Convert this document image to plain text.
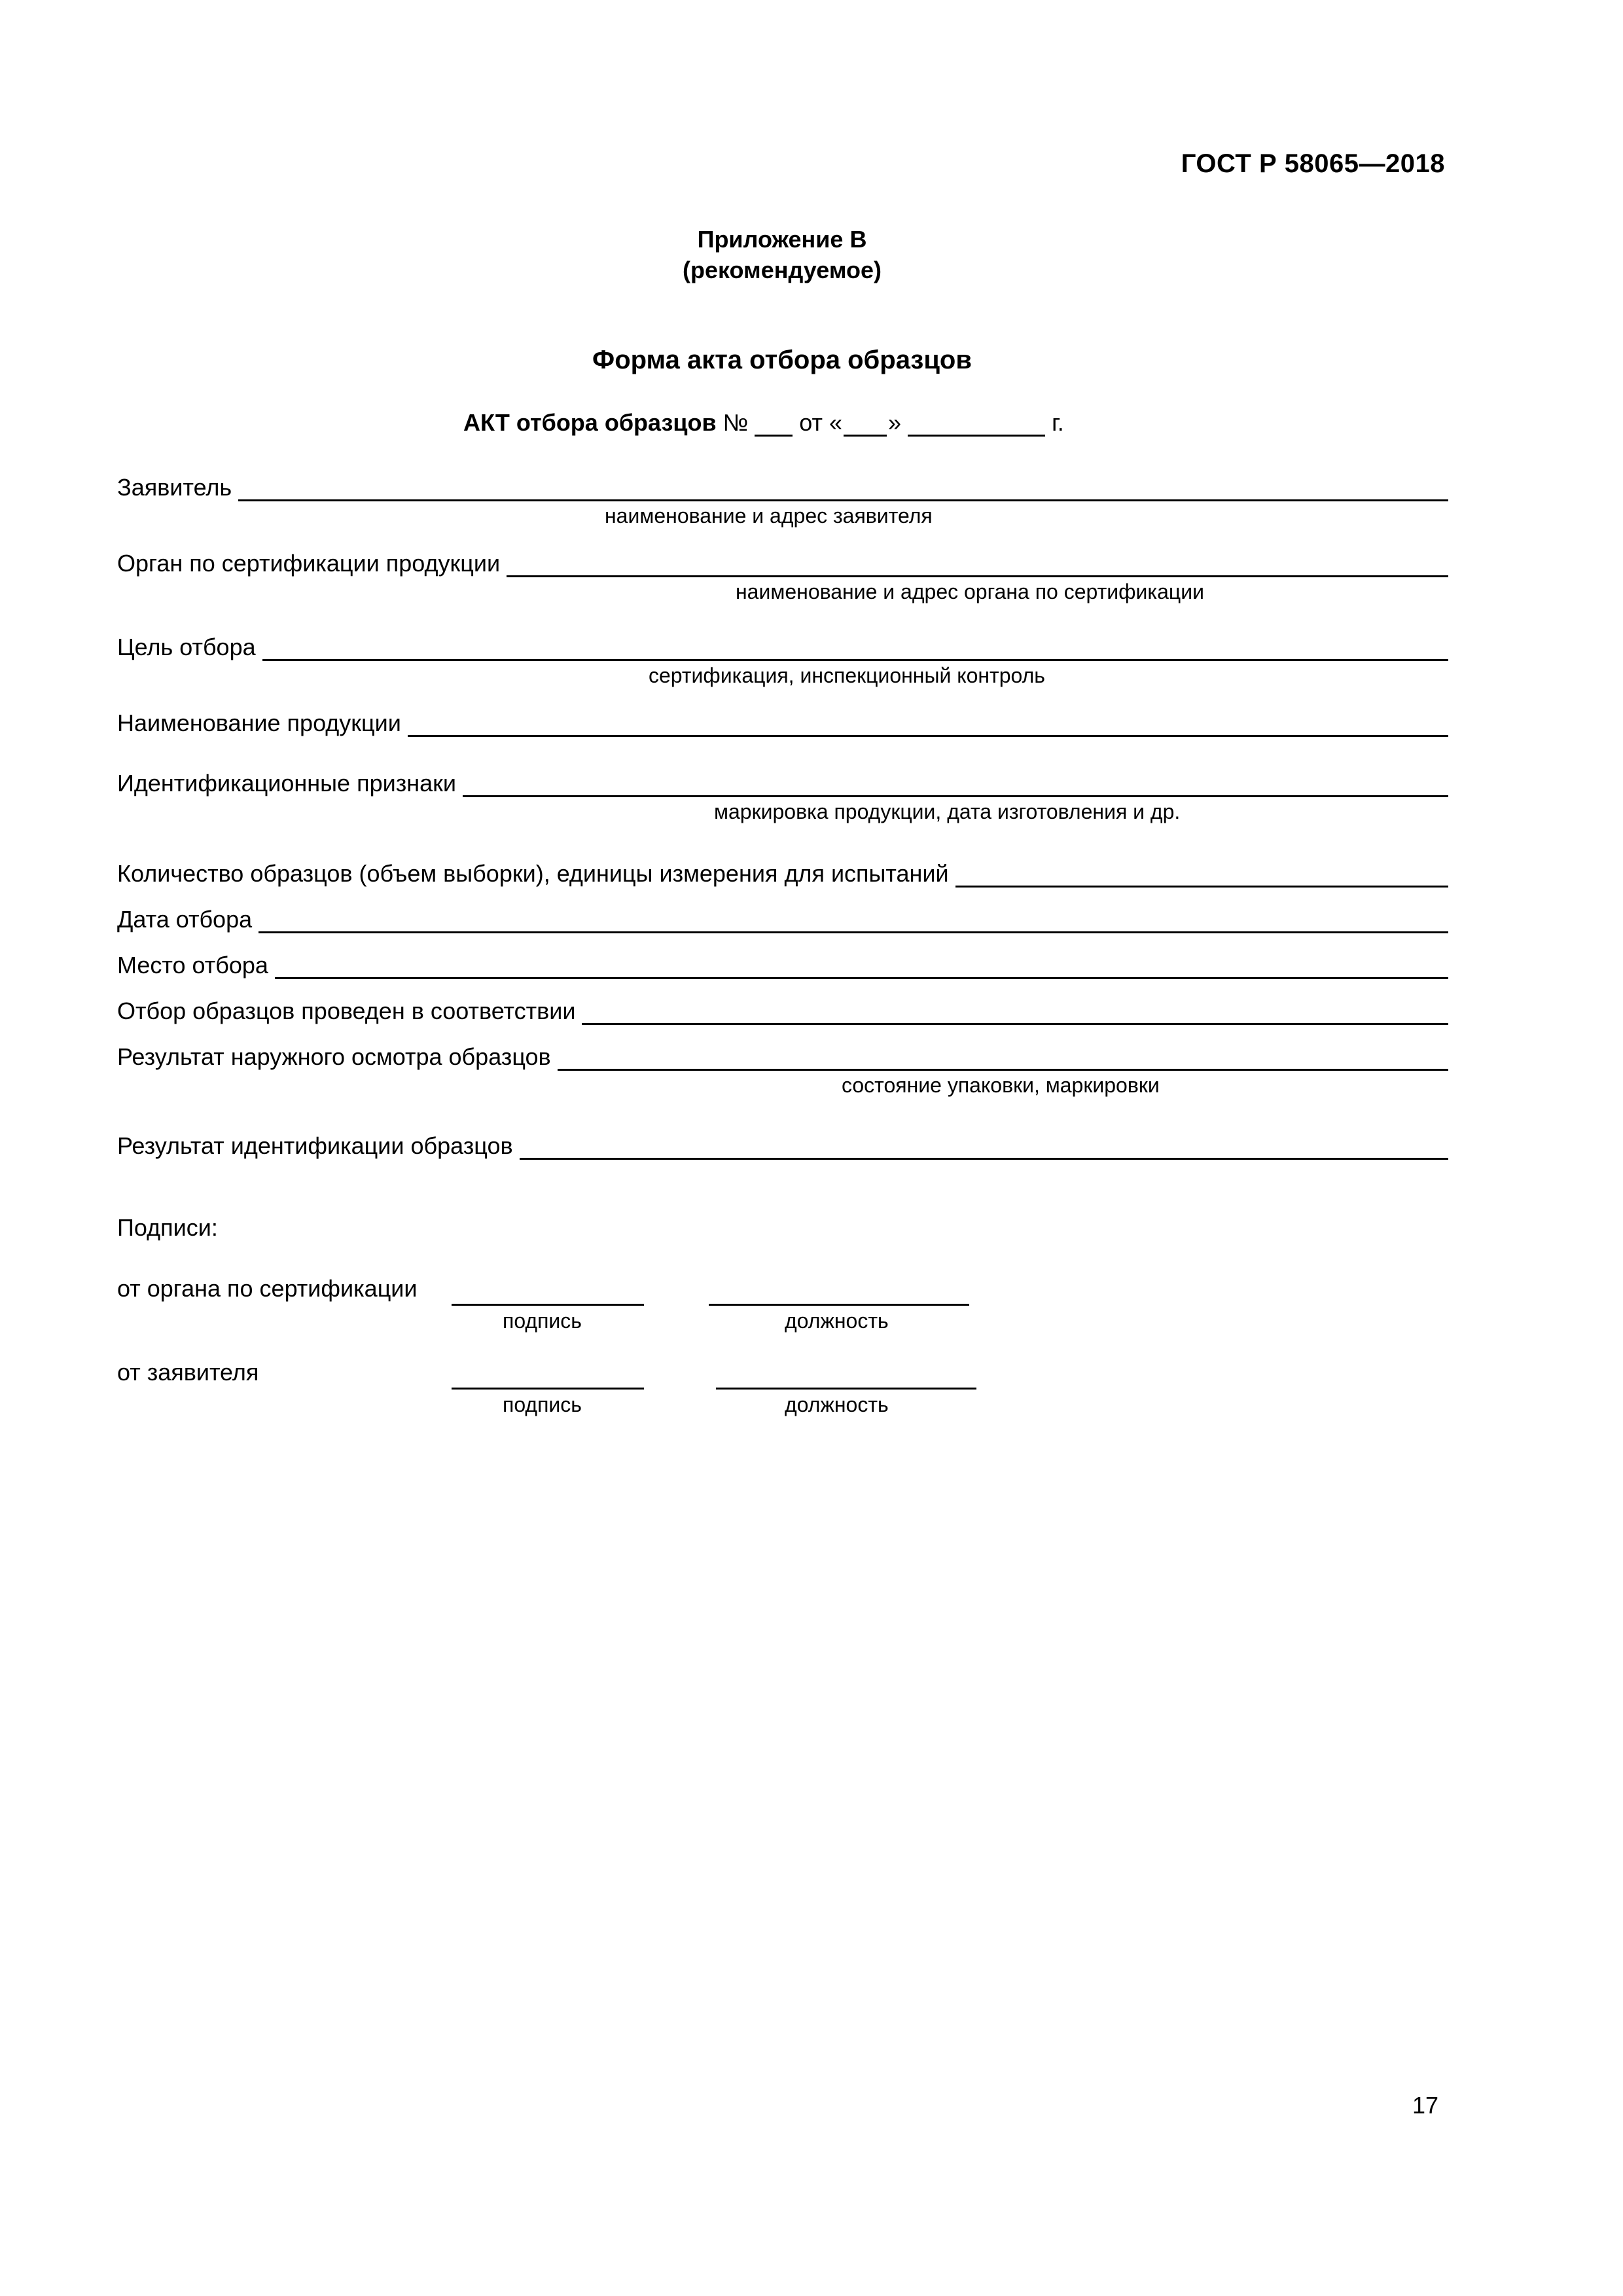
ГОСТ Р 58065—2018
Приложение В
(рекомендуемое)
Форма акта отбора образцов
АКТ отбора образцов № от « »	г.
Заявитель
наименование и адрес заявителя
Орган по сертификации продукции
наименование и адрес органа по сертификации
Цель отбора
сертификация, инспекционный контроль
Наименование продукции
Идентификационные признаки
маркировка продукции, дата изготовления и др.
Количество образцов (объем выборки), единицы измерения для испытаний
Дата отбора
Место отбора
Отбор образцов проведен в соответствии
Результат наружного осмотра образцов
состояние упаковки, маркировки
Результат идентификации образцов
Подписи:
от органа по сертификации
подпись	должность
от заявителя
подпись	должность
17
